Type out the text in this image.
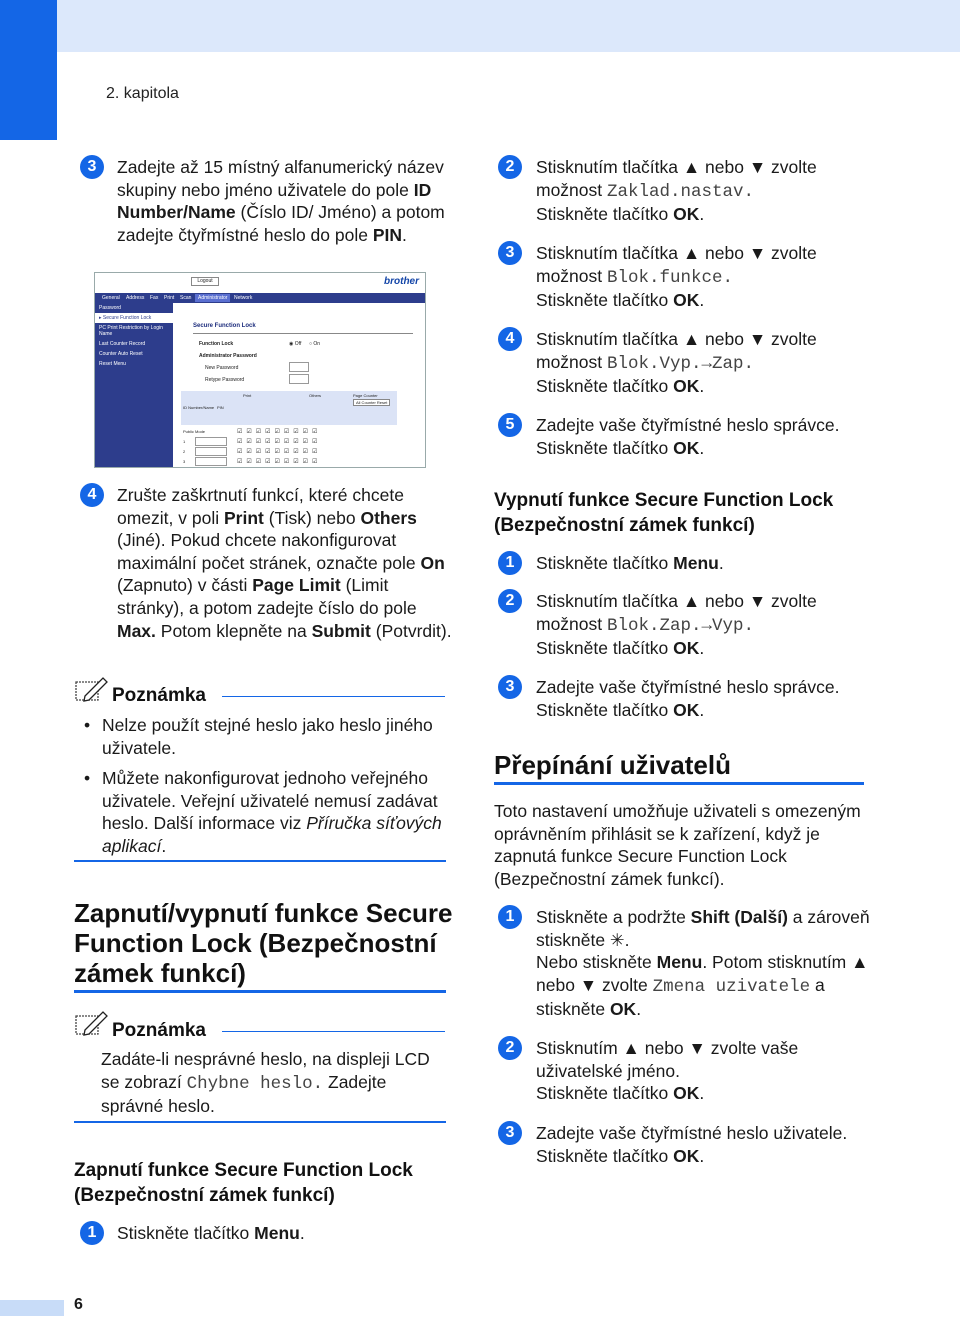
2. kapitola
6
3	Zadejte až 15 místný alfanumerický název skupiny nebo jméno uživatele do pole ID Number/Name (Číslo ID/ Jméno) a potom zadejte čtyřmístné heslo do pole PIN.
Logout	brother
General	Address	Fax	Print	Scan	Administrator	Network
Password
▸ Secure Function Lock
PC Print Restriction by Login Name
Last Counter Record
Counter Auto Reset
Reset Menu
Secure Function Lock
Function Lock	◉ Off ○ On
Administrator Password
New Password
Retype Password
ID Number/Name PIN
Print	Others	Page Counter
All Counter Reset
Public Mode
1
2
3
☑☑☑☑☑☑☑☑☑
☑☑☑☑☑☑☑☑☑
☑☑☑☑☑☑☑☑☑
☑☑☑☑☑☑☑☑☑
4	Zrušte zaškrtnutí funkcí, které chcete omezit, v poli Print (Tisk) nebo Others (Jiné). Pokud chcete nakonfigurovat maximální počet stránek, označte pole On (Zapnuto) v části Page Limit (Limit stránky), a potom zadejte číslo do pole Max. Potom klepněte na Submit (Potvrdit).
Poznámka
• Nelze použít stejné heslo jako heslo jiného uživatele.
• Můžete nakonfigurovat jednoho veřejného uživatele. Veřejní uživatelé nemusí zadávat heslo. Další informace viz Příručka síťových aplikací.
Zapnutí/vypnutí funkce Secure Function Lock (Bezpečnostní zámek funkcí)
Poznámka
Zadáte-li nesprávné heslo, na displeji LCD se zobrazí Chybne heslo. Zadejte správné heslo.
Zapnutí funkce Secure Function Lock (Bezpečnostní zámek funkcí)
1	Stiskněte tlačítko Menu.
2	Stisknutím tlačítka ▲ nebo ▼ zvolte možnost Zaklad.nastav.
Stiskněte tlačítko OK.
3	Stisknutím tlačítka ▲ nebo ▼ zvolte možnost Blok.funkce.
Stiskněte tlačítko OK.
4	Stisknutím tlačítka ▲ nebo ▼ zvolte možnost Blok.Vyp.→Zap.
Stiskněte tlačítko OK.
5	Zadejte vaše čtyřmístné heslo správce.
Stiskněte tlačítko OK.
Vypnutí funkce Secure Function Lock (Bezpečnostní zámek funkcí)
1	Stiskněte tlačítko Menu.
2	Stisknutím tlačítka ▲ nebo ▼ zvolte možnost Blok.Zap.→Vyp.
Stiskněte tlačítko OK.
3	Zadejte vaše čtyřmístné heslo správce.
Stiskněte tlačítko OK.
Přepínání uživatelů
Toto nastavení umožňuje uživateli s omezeným oprávněním přihlásit se k zařízení, když je zapnutá funkce Secure Function Lock (Bezpečnostní zámek funkcí).
1	Stiskněte a podržte Shift (Další) a zároveň stiskněte ✳.
Nebo stiskněte Menu. Potom stisknutím ▲ nebo ▼ zvolte Zmena uzivatele a stiskněte OK.
2	Stisknutím ▲ nebo ▼ zvolte vaše uživatelské jméno.
Stiskněte tlačítko OK.
3	Zadejte vaše čtyřmístné heslo uživatele.
Stiskněte tlačítko OK.
